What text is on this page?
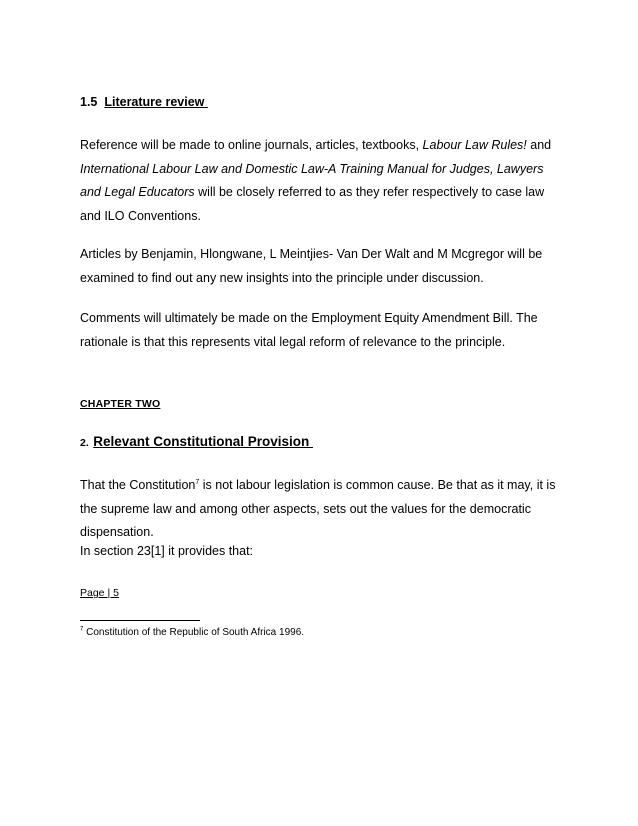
1.5 Literature review

Reference will be made to online journals, articles, textbooks, Labour Law Rules! and International Labour Law and Domestic Law-A Training Manual for Judges, Lawyers and Legal Educators will be closely referred to as they refer respectively to case law and ILO Conventions.

Articles by Benjamin, Hlongwane, L Meintjies- Van Der Walt and M Mcgregor will be examined to find out any new insights into the principle under discussion.

Comments will ultimately be made on the Employment Equity Amendment Bill. The rationale is that this represents vital legal reform of relevance to the principle.

CHAPTER TWO
2. Relevant Constitutional Provision

That the Constitution$^7$ is not labour legislation is common cause. Be that as it may, it is the supreme law and among other aspects, sets out the values for the democratic dispensation.

In section 23[1] it provides that:

Page | 5
$^7$ Constitution of the Republic of South Africa 1996.
